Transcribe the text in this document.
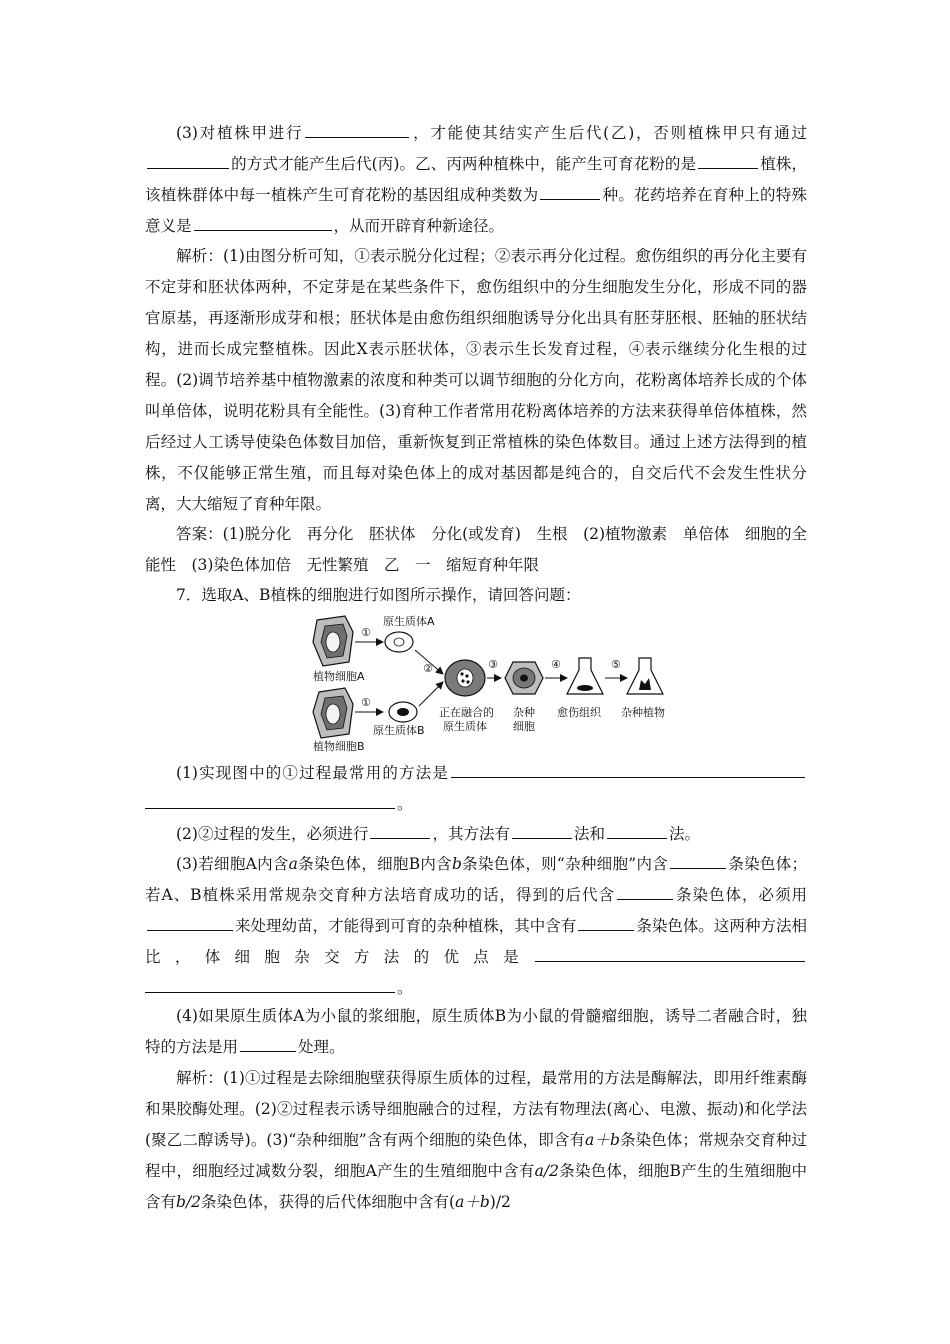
(3)对植株甲进行	，才能使其结实产生后代(乙)，否则植株甲只有通过的方式才能产生后代(丙)。乙、丙两种植株中，能产生可育花粉的是	植株，该植株群体中每一植株产生可育花粉的基因组成种类数为	种。花药培养在育种上的特殊意义是	，从而开辟育种新途径。

解析：(1)由图分析可知，①表示脱分化过程；②表示再分化过程。愈伤组织的再分化主要有不定芽和胚状体两种，不定芽是在某些条件下，愈伤组织中的分生细胞发生分化，形成不同的器官原基，再逐渐形成芽和根；胚状体是由愈伤组织细胞诱导分化出具有胚芽胚根、胚轴的胚状结构，进而长成完整植株。因此X表示胚状体，③表示生长发育过程，④表示继续分化生根的过程。(2)调节培养基中植物激素的浓度和种类可以调节细胞的分化方向，花粉离体培养长成的个体叫单倍体，说明花粉具有全能性。(3)育种工作者常用花粉离体培养的方法来获得单倍体植株，然后经过人工诱导使染色体数目加倍，重新恢复到正常植株的染色体数目。通过上述方法得到的植株，不仅能够正常生殖，而且每对染色体上的成对基因都是纯合的，自交后代不会发生性状分离，大大缩短了育种年限。

答案：(1)脱分化　再分化　胚状体　分化(或发育)　生根　(2)植物激素　单倍体　细胞的全能性　(3)染色体加倍　无性繁殖　乙　一　缩短育种年限

7．选取A、B植株的细胞进行如图所示操作，请回答问题：

植物细胞A
植物细胞B
①
①
原生质体A
原生质体B
②
正在融合的
原生质体
③
杂种
细胞
④
愈伤组织
⑤
杂种植物

(1)实现图中的①过程最常用的方法是。

(2)②过程的发生，必须进行	，其方法有	法和	法。

(3)若细胞A内含a条染色体，细胞B内含b条染色体，则“杂种细胞”内含	条染色体；若A、B植株采用常规杂交育种方法培育成功的话，得到的后代含	条染色体，必须用来处理幼苗，才能得到可育的杂种植株，其中含有	条染色体。这两种方法相比，体细胞杂交方法的优点是。

(4)如果原生质体A为小鼠的浆细胞，原生质体B为小鼠的骨髓瘤细胞，诱导二者融合时，独特的方法是用	处理。

解析：(1)①过程是去除细胞壁获得原生质体的过程，最常用的方法是酶解法，即用纤维素酶和果胶酶处理。(2)②过程表示诱导细胞融合的过程，方法有物理法(离心、电激、振动)和化学法(聚乙二醇诱导)。(3)“杂种细胞”含有两个细胞的染色体，即含有a＋b条染色体；常规杂交育种过程中，细胞经过减数分裂，细胞A产生的生殖细胞中含有a/2条染色体，细胞B产生的生殖细胞中含有b/2条染色体，获得的后代体细胞中含有(a＋b)/2
